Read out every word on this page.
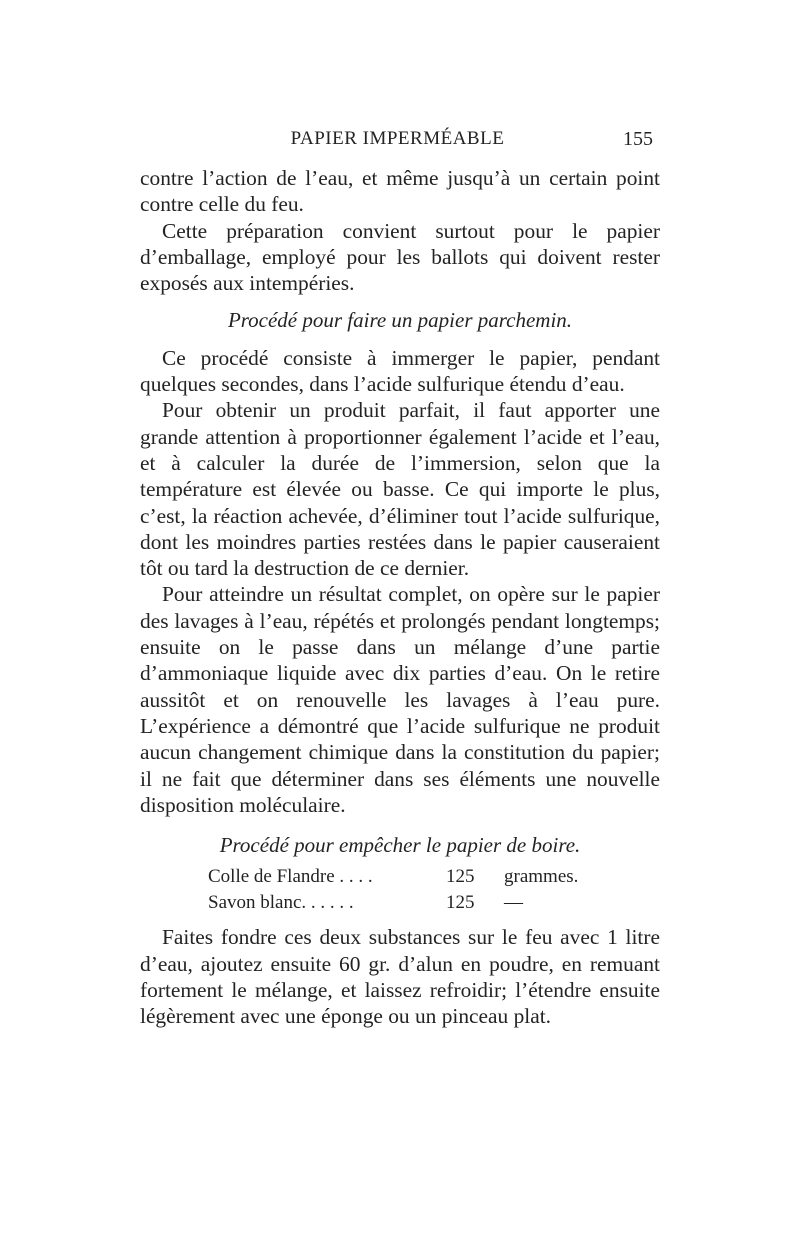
PAPIER IMPERMÉABLE	155

contre l’action de l’eau, et même jusqu’à un certain point contre celle du feu.

Cette préparation convient surtout pour le papier d’emballage, employé pour les ballots qui doivent rester exposés aux intempéries.

Procédé pour faire un papier parchemin.

Ce procédé consiste à immerger le papier, pendant quelques secondes, dans l’acide sulfurique étendu d’eau.

Pour obtenir un produit parfait, il faut apporter une grande attention à proportionner également l’acide et l’eau, et à calculer la durée de l’immersion, selon que la température est élevée ou basse. Ce qui importe le plus, c’est, la réaction achevée, d’éliminer tout l’acide sulfurique, dont les moindres parties restées dans le papier causeraient tôt ou tard la destruction de ce dernier.

Pour atteindre un résultat complet, on opère sur le papier des lavages à l’eau, répétés et prolongés pendant longtemps; ensuite on le passe dans un mélange d’une partie d’ammoniaque liquide avec dix parties d’eau. On le retire aussitôt et on renouvelle les lavages à l’eau pure. L’expérience a démontré que l’acide sulfurique ne produit aucun changement chimique dans la constitution du papier; il ne fait que déterminer dans ses éléments une nouvelle disposition moléculaire.

Procédé pour empêcher le papier de boire.

Colle de Flandre . . . .	125	grammes.
Savon blanc. . . . . .	125	—

Faites fondre ces deux substances sur le feu avec 1 litre d’eau, ajoutez ensuite 60 gr. d’alun en poudre, en remuant fortement le mélange, et laissez refroidir; l’étendre ensuite légèrement avec une éponge ou un pinceau plat.
